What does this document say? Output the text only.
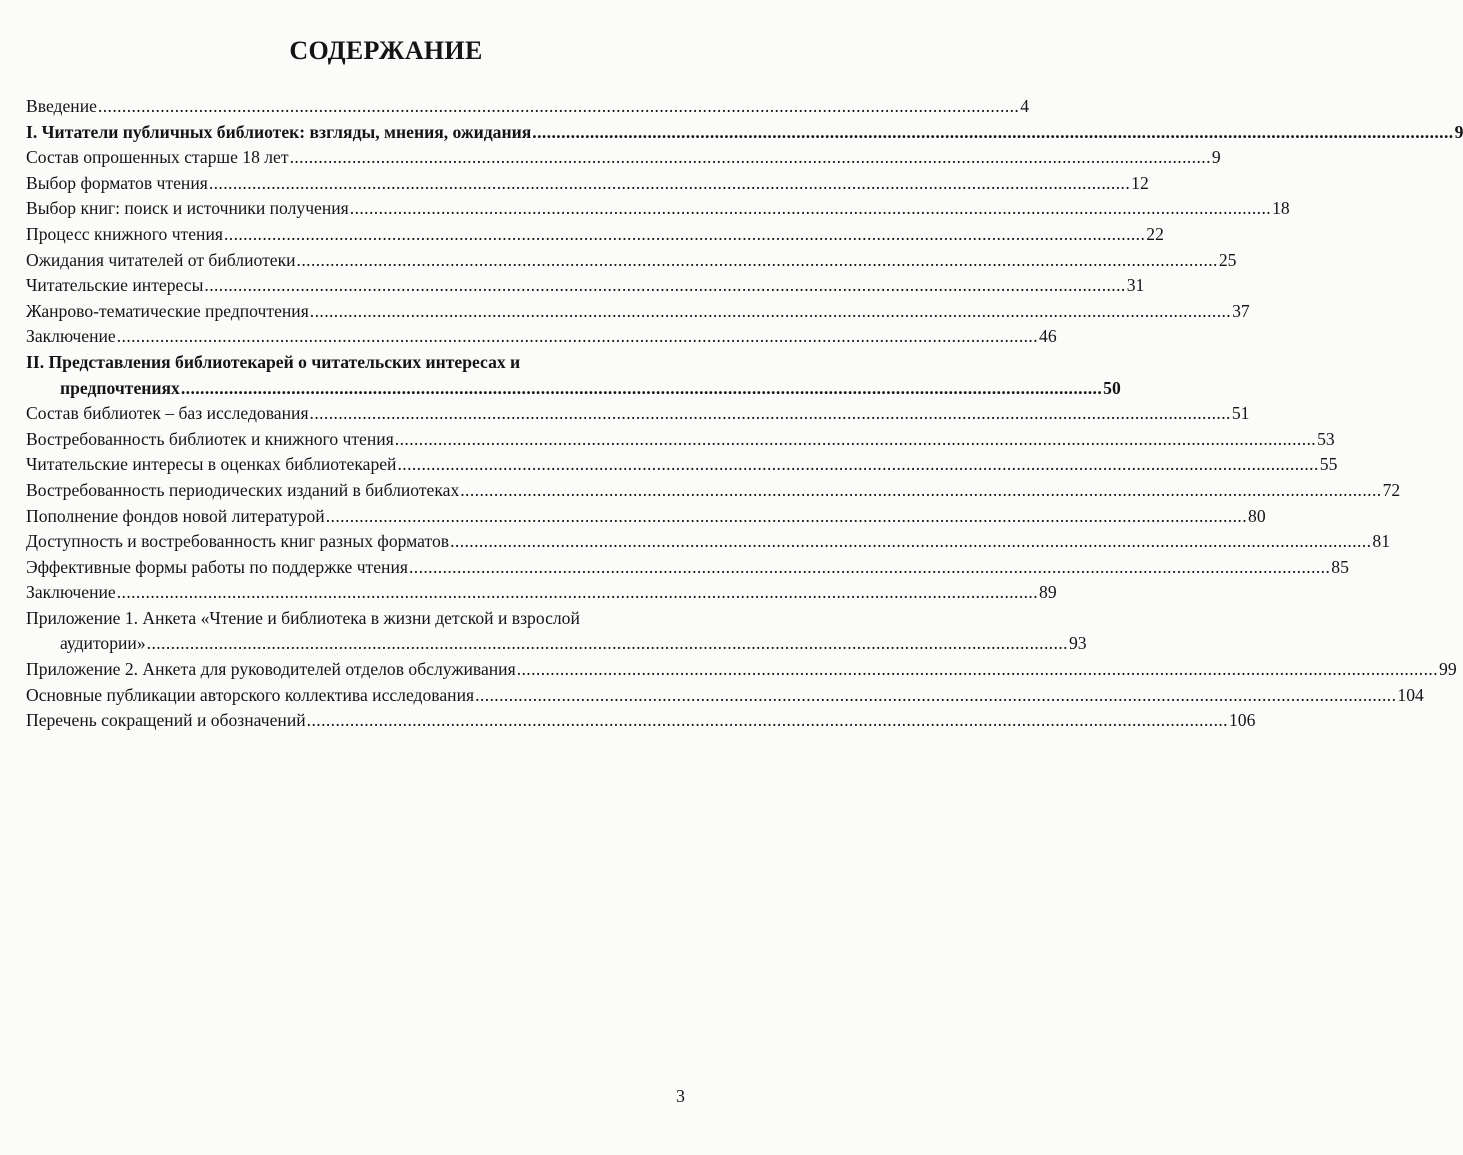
СОДЕРЖАНИЕ
Введение ................................................................................................................................................................................................ 4
I. Читатели публичных библиотек: взгляды, мнения, ожидания ................................................................................................................................................................................................ 9
Состав опрошенных старше 18 лет ................................................................................................................................................................................................ 9
Выбор форматов чтения ................................................................................................................................................................................................ 12
Выбор книг: поиск и источники получения ................................................................................................................................................................................................ 18
Процесс книжного чтения ................................................................................................................................................................................................ 22
Ожидания читателей от библиотеки ................................................................................................................................................................................................ 25
Читательские интересы ................................................................................................................................................................................................ 31
Жанрово-тематические предпочтения ................................................................................................................................................................................................ 37
Заключение ................................................................................................................................................................................................ 46
II. Представления библиотекарей о читательских интересах и
предпочтениях ................................................................................................................................................................................................ 50
Состав библиотек – баз исследования ................................................................................................................................................................................................ 51
Востребованность библиотек и книжного чтения ................................................................................................................................................................................................ 53
Читательские интересы в оценках библиотекарей ................................................................................................................................................................................................ 55
Востребованность периодических изданий в библиотеках ................................................................................................................................................................................................ 72
Пополнение фондов новой литературой ................................................................................................................................................................................................ 80
Доступность и востребованность книг разных форматов ................................................................................................................................................................................................ 81
Эффективные формы работы по поддержке чтения ................................................................................................................................................................................................ 85
Заключение ................................................................................................................................................................................................ 89
Приложение 1. Анкета «Чтение и библиотека в жизни детской и взрослой
аудитории» ................................................................................................................................................................................................ 93
Приложение 2. Анкета для руководителей отделов обслуживания ................................................................................................................................................................................................ 99
Основные публикации авторского коллектива исследования ................................................................................................................................................................................................ 104
Перечень сокращений и обозначений ................................................................................................................................................................................................ 106
3
